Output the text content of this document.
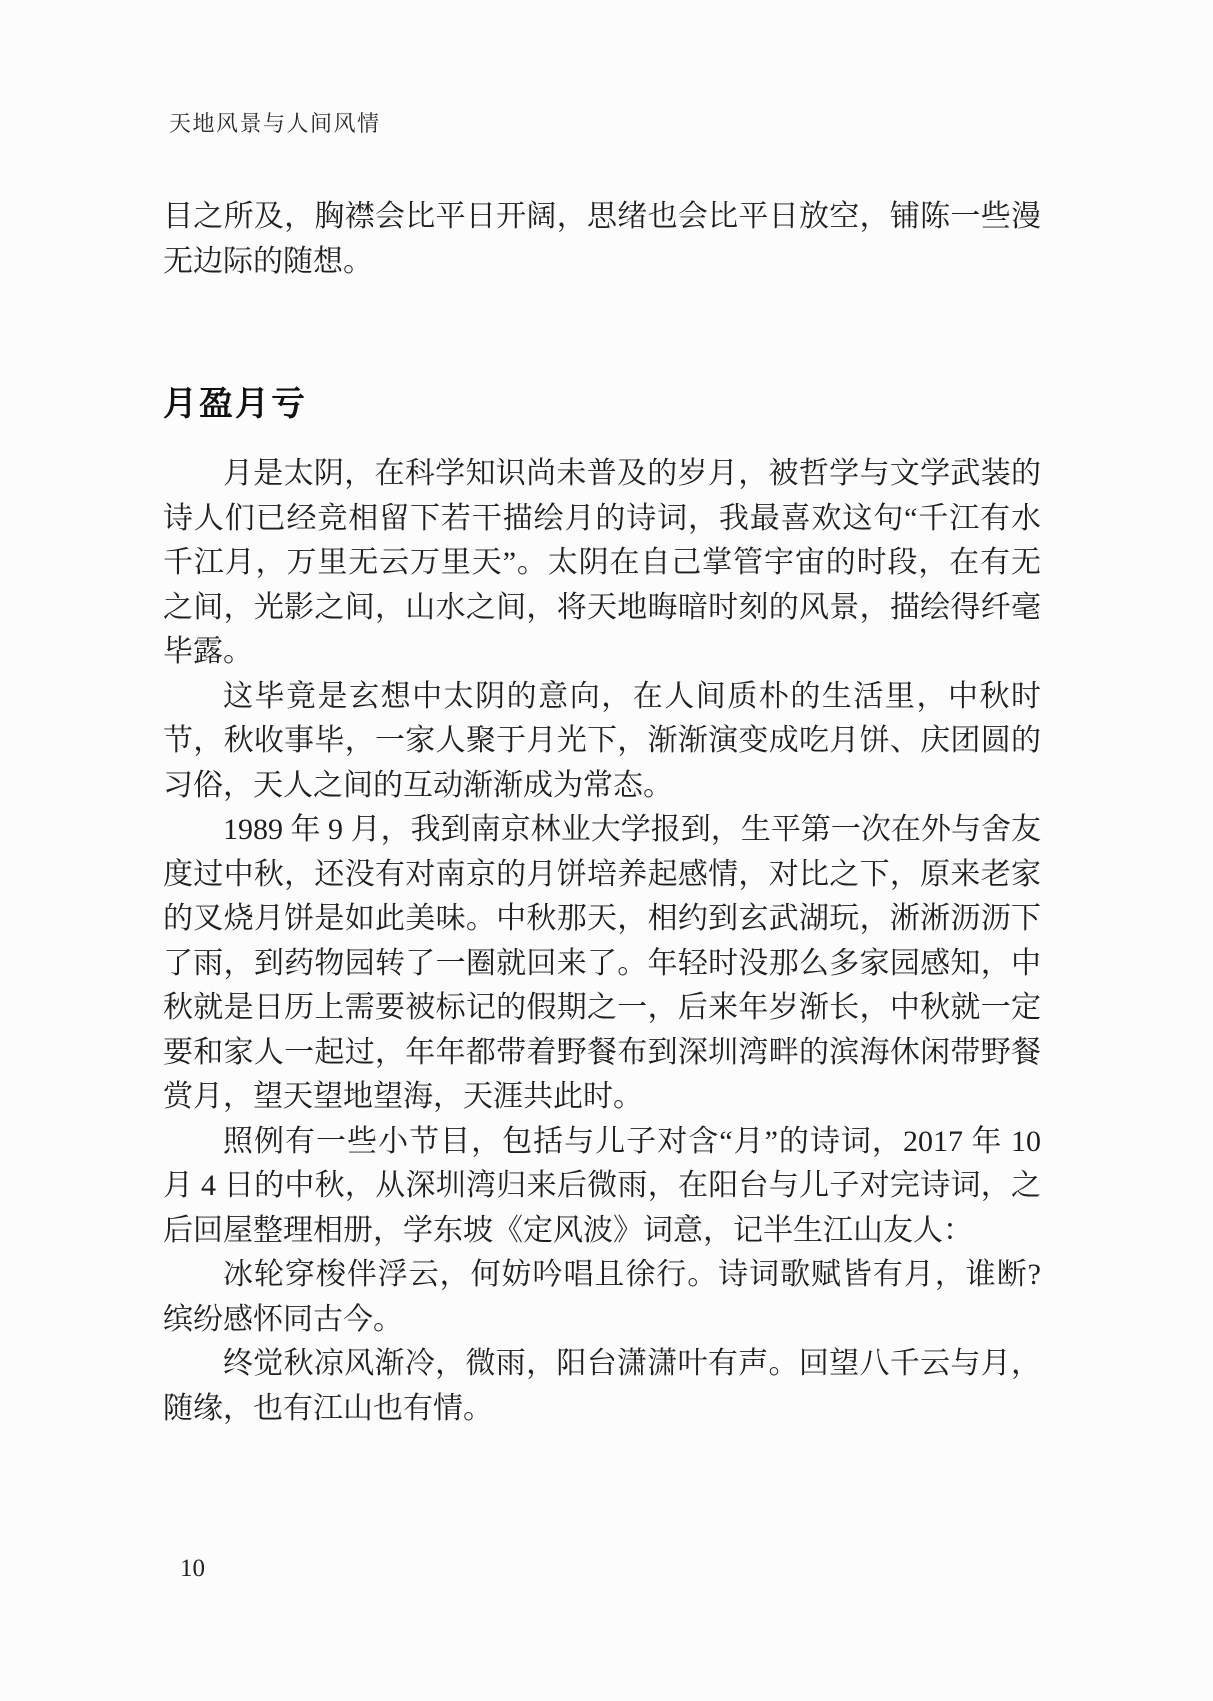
天地风景与人间风情

目之所及，胸襟会比平日开阔，思绪也会比平日放空，铺陈一些漫无边际的随想。

月盈月亏

月是太阴，在科学知识尚未普及的岁月，被哲学与文学武装的诗人们已经竞相留下若干描绘月的诗词，我最喜欢这句“千江有水千江月，万里无云万里天”。太阴在自己掌管宇宙的时段，在有无之间，光影之间，山水之间，将天地晦暗时刻的风景，描绘得纤毫毕露。

这毕竟是玄想中太阴的意向，在人间质朴的生活里，中秋时节，秋收事毕，一家人聚于月光下，渐渐演变成吃月饼、庆团圆的习俗，天人之间的互动渐渐成为常态。

1989 年 9 月，我到南京林业大学报到，生平第一次在外与舍友度过中秋，还没有对南京的月饼培养起感情，对比之下，原来老家的叉烧月饼是如此美味。中秋那天，相约到玄武湖玩，淅淅沥沥下了雨，到药物园转了一圈就回来了。年轻时没那么多家园感知，中秋就是日历上需要被标记的假期之一，后来年岁渐长，中秋就一定要和家人一起过，年年都带着野餐布到深圳湾畔的滨海休闲带野餐赏月，望天望地望海，天涯共此时。

照例有一些小节目，包括与儿子对含“月”的诗词，2017 年 10 月 4 日的中秋，从深圳湾归来后微雨，在阳台与儿子对完诗词，之后回屋整理相册，学东坡《定风波》词意，记半生江山友人：

冰轮穿梭伴浮云，何妨吟唱且徐行。诗词歌赋皆有月，谁断?缤纷感怀同古今。

终觉秋凉风渐冷，微雨，阳台潇潇叶有声。回望八千云与月，随缘，也有江山也有情。

10
